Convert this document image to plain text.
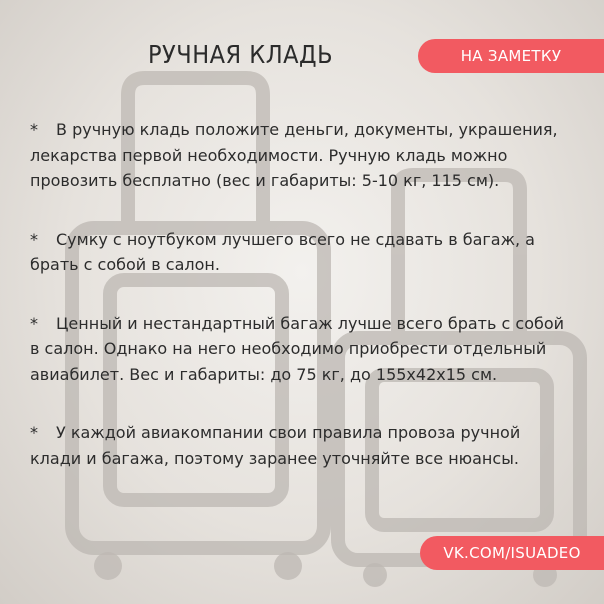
РУЧНАЯ КЛАДЬ	НА ЗАМЕТКУ

* В ручную кладь положите деньги, документы, украшения, лекарства первой необходимости. Ручную кладь можно провозить бесплатно (вес и габариты: 5-10 кг, 115 см).

* Сумку с ноутбуком лучшего всего не сдавать в багаж, а брать с собой в салон.

* Ценный и нестандартный багаж лучше всего брать с собой в салон. Однако на него необходимо приобрести отдельный авиабилет. Вес и габариты: до 75 кг, до 155x42x15 см.

* У каждой авиакомпании свои правила провоза ручной клади и багажа, поэтому заранее уточняйте все нюансы.

VK.COM/ISUADEO
